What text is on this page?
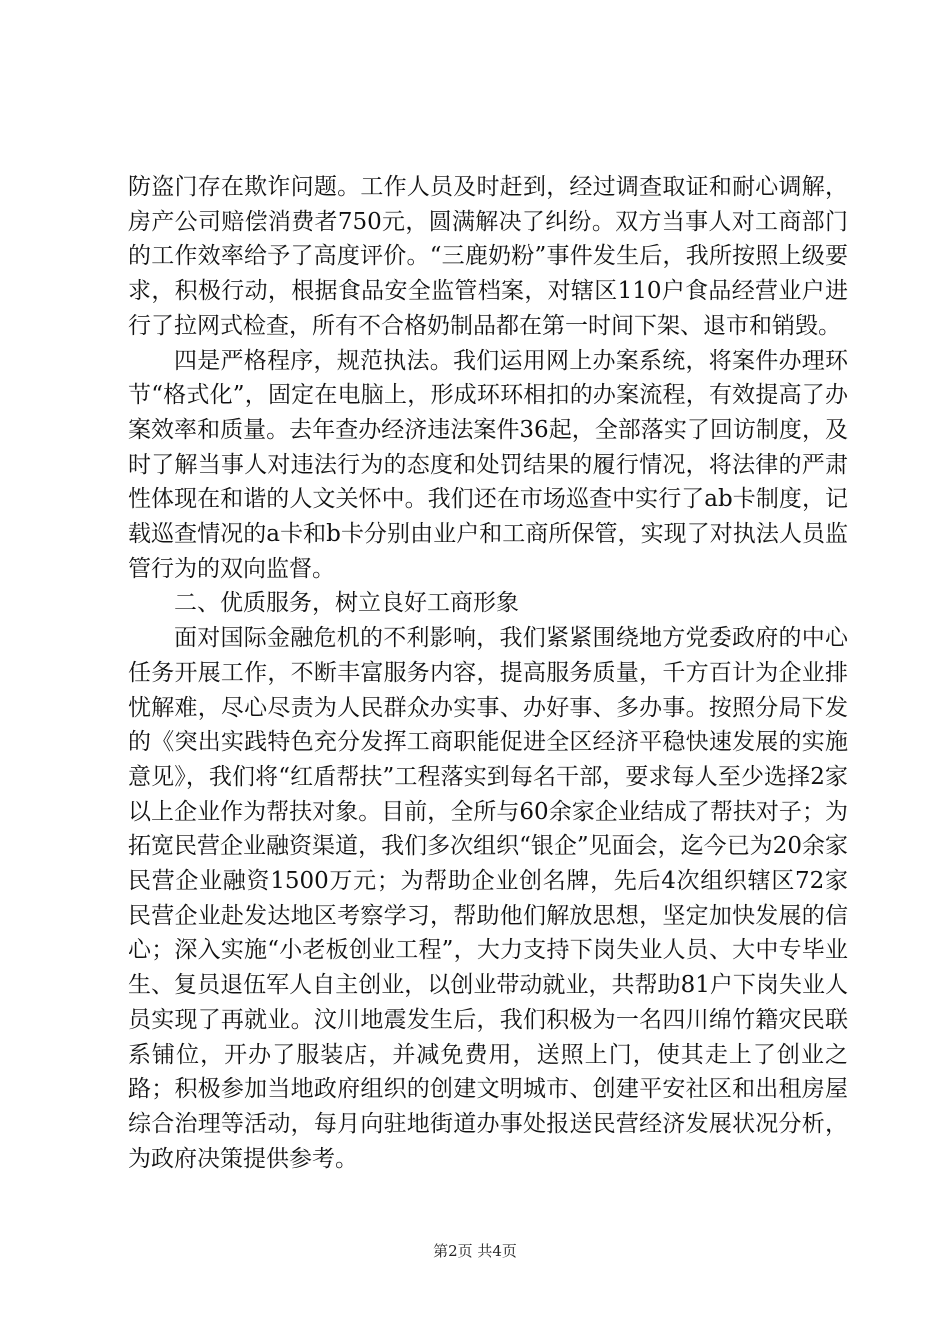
防盗门存在欺诈问题。工作人员及时赶到，经过调查取证和耐心调解，房产公司赔偿消费者750元，圆满解决了纠纷。双方当事人对工商部门的工作效率给予了高度评价。“三鹿奶粉”事件发生后，我所按照上级要求，积极行动，根据食品安全监管档案，对辖区110户食品经营业户进行了拉网式检查，所有不合格奶制品都在第一时间下架、退市和销毁。

四是严格程序，规范执法。我们运用网上办案系统，将案件办理环节“格式化”，固定在电脑上，形成环环相扣的办案流程，有效提高了办案效率和质量。去年查办经济违法案件36起，全部落实了回访制度，及时了解当事人对违法行为的态度和处罚结果的履行情况，将法律的严肃性体现在和谐的人文关怀中。我们还在市场巡查中实行了ab卡制度，记载巡查情况的a卡和b卡分别由业户和工商所保管，实现了对执法人员监管行为的双向监督。

二、优质服务，树立良好工商形象

面对国际金融危机的不利影响，我们紧紧围绕地方党委政府的中心任务开展工作，不断丰富服务内容，提高服务质量，千方百计为企业排忧解难，尽心尽责为人民群众办实事、办好事、多办事。按照分局下发的《突出实践特色充分发挥工商职能促进全区经济平稳快速发展的实施意见》，我们将“红盾帮扶”工程落实到每名干部，要求每人至少选择2家以上企业作为帮扶对象。目前，全所与60余家企业结成了帮扶对子；为拓宽民营企业融资渠道，我们多次组织“银企”见面会，迄今已为20余家民营企业融资1500万元；为帮助企业创名牌，先后4次组织辖区72家民营企业赴发达地区考察学习，帮助他们解放思想，坚定加快发展的信心；深入实施“小老板创业工程”，大力支持下岗失业人员、大中专毕业生、复员退伍军人自主创业，以创业带动就业，共帮助81户下岗失业人员实现了再就业。汶川地震发生后，我们积极为一名四川绵竹籍灾民联系铺位，开办了服装店，并减免费用，送照上门，使其走上了创业之路；积极参加当地政府组织的创建文明城市、创建平安社区和出租房屋综合治理等活动，每月向驻地街道办事处报送民营经济发展状况分析，为政府决策提供参考。

第2页 共4页
